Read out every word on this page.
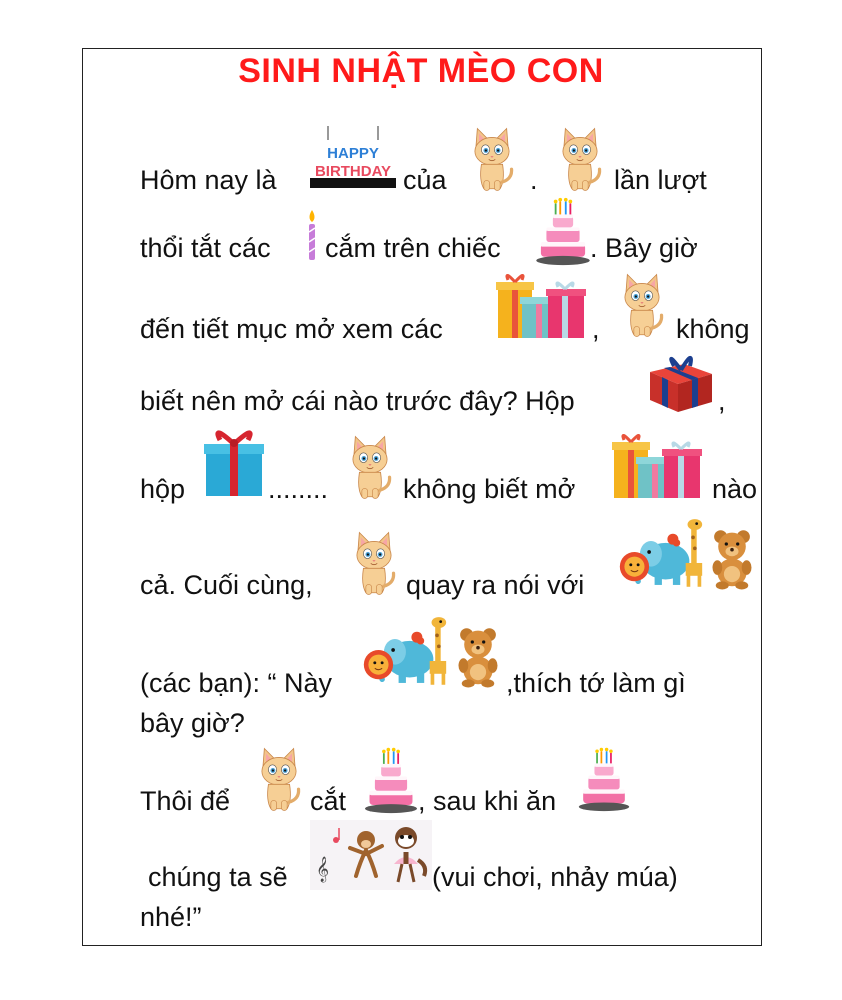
SINH NHẬT MÈO CON
Hôm nay là
HAPPY
BIRTHDAY của	.	lần lượt
thổi tắt các cắm trên chiếc	. Bây giờ
đến tiết mục mở xem các	,	không
biết nên mở cái nào trước đây? Hộp	,
hộp	........	không biết mở	nào
cả. Cuối cùng,	quay ra nói với
(các bạn): “ Này	,thích tớ làm gì
bây giờ?
Thôi để	cắt	, sau khi ăn
chúng ta sẽ 𝄞	(vui chơi, nhảy múa)
nhé!”
